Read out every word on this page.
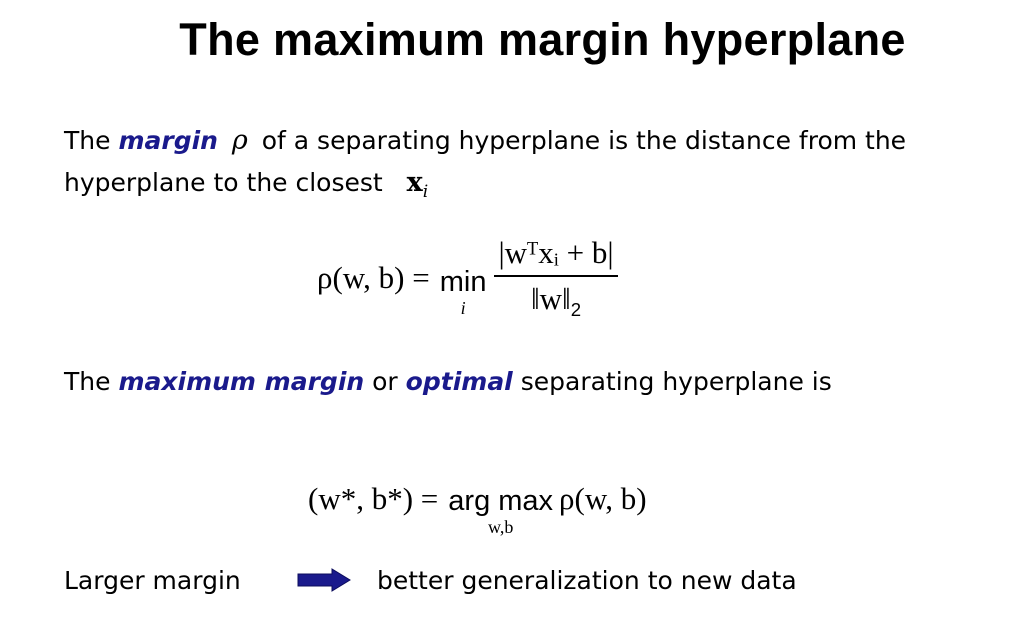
The maximum margin hyperplane
The margin ρ of a separating hyperplane is the distance from the
hyperplane to the closest $x_i$
ρ(w, b) = min
i $\frac{\text{|wᵀxᵢ + b|}}{‖w‖_2}$
The maximum margin or optimal separating hyperplane is
(w*, b*) = arg max
w,b
ρ(w, b)
Larger margin	better generalization to new data
